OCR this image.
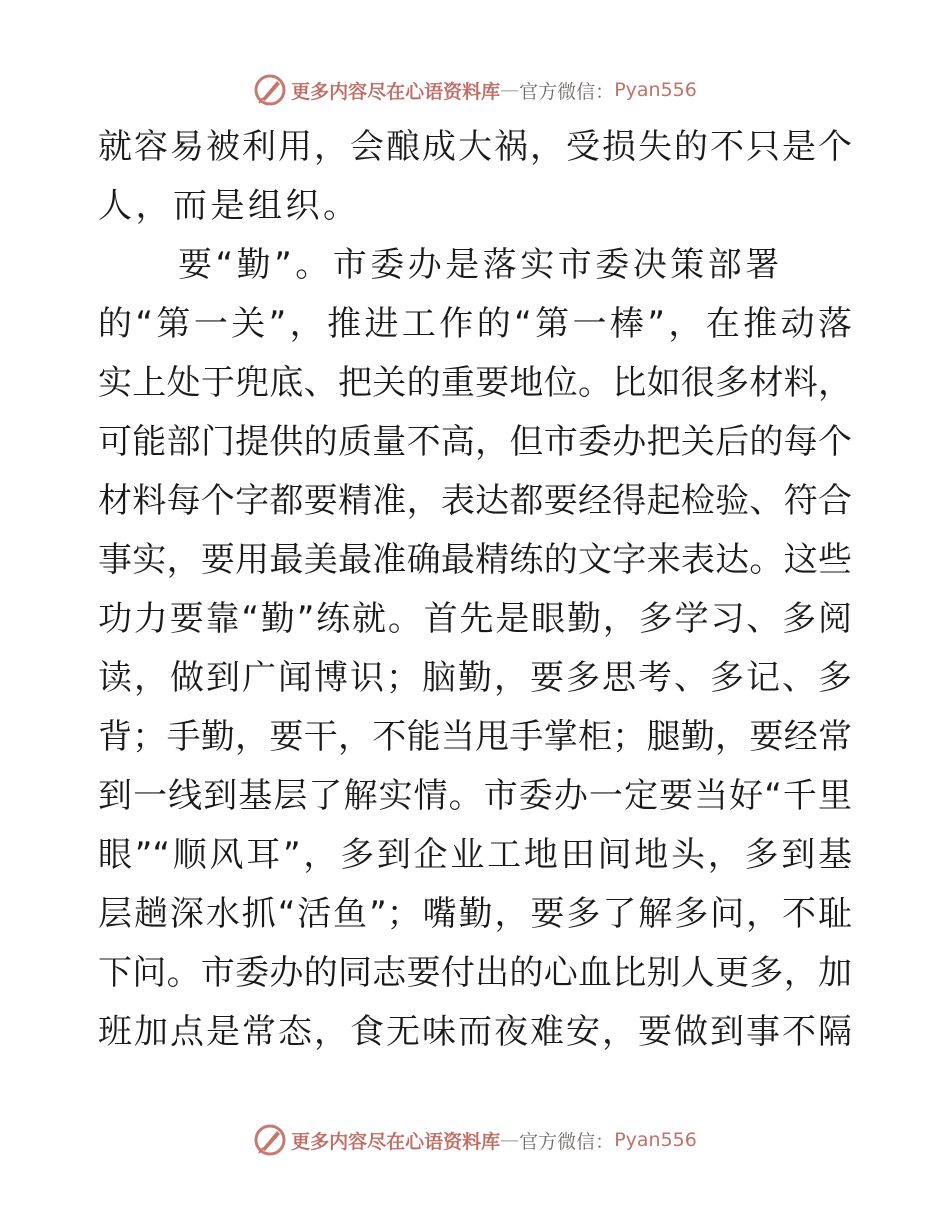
更多内容尽在心语资料库 — 官方微信： Pyan556
就容易被利用，会酿成大祸，受损失的不只是个
人，而是组织。
要“勤”。市委办是落实市委决策部署
的“第一关”，推进工作的“第一棒”，在推动落
实上处于兜底、把关的重要地位。比如很多材料，
可能部门提供的质量不高，但市委办把关后的每个
材料每个字都要精准，表达都要经得起检验、符合
事实，要用最美最准确最精练的文字来表达。这些
功力要靠“勤”练就。首先是眼勤，多学习、多阅
读，做到广闻博识；脑勤，要多思考、多记、多
背；手勤，要干，不能当甩手掌柜；腿勤，要经常
到一线到基层了解实情。市委办一定要当好“千里
眼”“顺风耳”，多到企业工地田间地头，多到基
层趟深水抓“活鱼”；嘴勤，要多了解多问，不耻
下问。市委办的同志要付出的心血比别人更多，加
班加点是常态，食无味而夜难安，要做到事不隔
更多内容尽在心语资料库 — 官方微信： Pyan556
